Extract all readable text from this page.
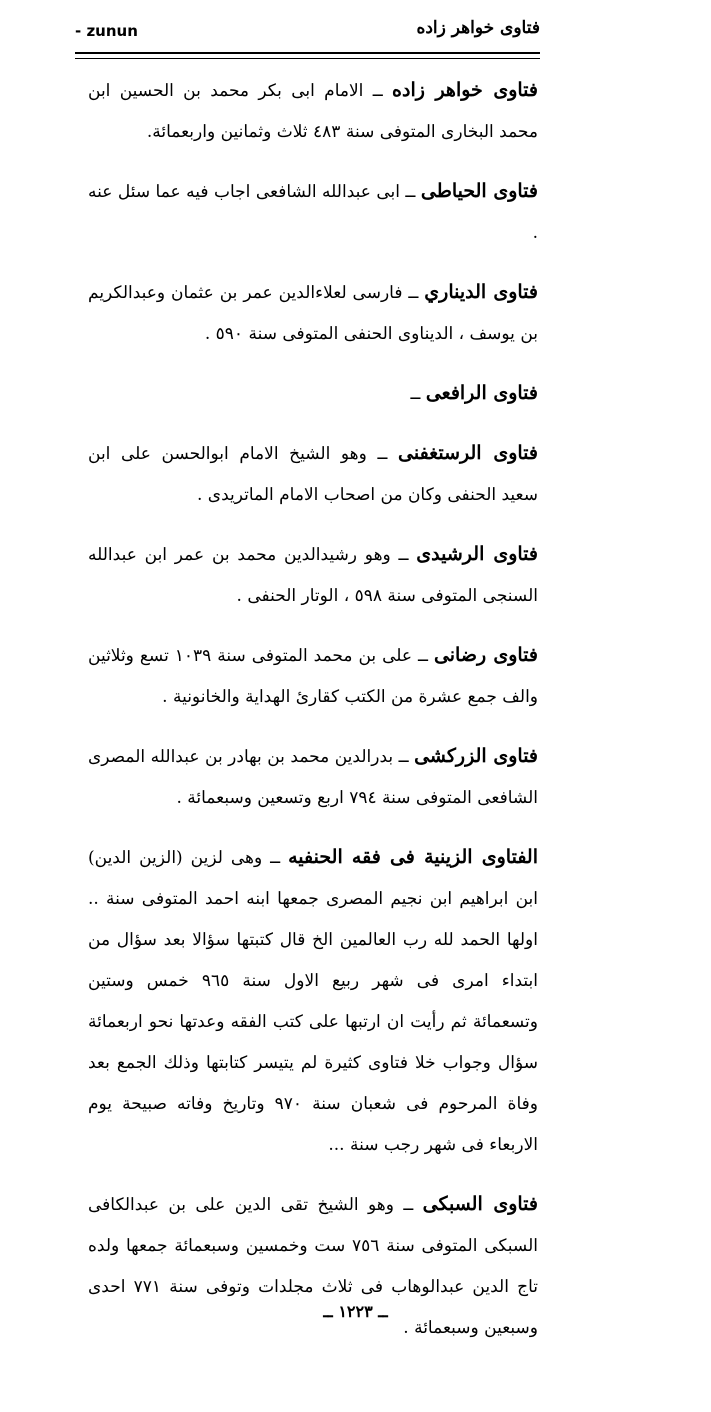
- zunun	فتاوى خواهر زاده

فتاوى خواهر زاده ــ الامام ابى بكر محمد بن الحسين ابن محمد البخارى المتوفى سنة ٤٨٣ ثلاث وثمانين واربعمائة.

فتاوى الحياطى ــ ابى عبدالله الشافعى اجاب فيه عما سئل عنه .

فتاوى الديناري ــ فارسى لعلاءالدين عمر بن عثمان وعبدالكريم بن يوسف ، الديناوى الحنفى المتوفى سنة ٥٩٠ .

فتاوى الرافعى ــ

فتاوى الرستغفنى ــ وهو الشيخ الامام ابوالحسن على ابن سعيد الحنفى وكان من اصحاب الامام الماتريدى .

فتاوى الرشيدى ــ وهو رشيدالدين محمد بن عمر ابن عبدالله السنجى المتوفى سنة ٥٩٨ ، الوتار الحنفى .

فتاوى رضانى ــ على بن محمد المتوفى سنة ١٠٣٩ تسع وثلاثين والف جمع عشرة من الكتب كقارئ الهداية والخانونية .

فتاوى الزركشى ــ بدرالدين محمد بن بهادر بن عبدالله المصرى الشافعى المتوفى سنة ٧٩٤ اربع وتسعين وسبعمائة .

الفتاوى الزينية فى فقه الحنفيه ــ وهى لزين (الزين الدين) ابن ابراهيم ابن نجيم المصرى جمعها ابنه احمد المتوفى سنة .. اولها الحمد لله رب العالمين الخ قال كتبتها سؤالا بعد سؤال من ابتداء امرى فى شهر ربيع الاول سنة ٩٦٥ خمس وستين وتسعمائة ثم رأيت ان ارتبها على كتب الفقه وعدتها نحو اربعمائة سؤال وجواب خلا فتاوى كثيرة لم يتيسر كتابتها وذلك الجمع بعد وفاة المرحوم فى شعبان سنة ٩٧٠ وتاريخ وفاته صبيحة يوم الاربعاء فى شهر رجب سنة ...

فتاوى السبكى ــ وهو الشيخ تقى الدين على بن عبدالكافى السبكى المتوفى سنة ٧٥٦ ست وخمسين وسبعمائة جمعها ولده تاج الدين عبدالوهاب فى ثلاث مجلدات وتوفى سنة ٧٧١ احدى وسبعين وسبعمائة .

ــ ١٢٢٣ ــ
